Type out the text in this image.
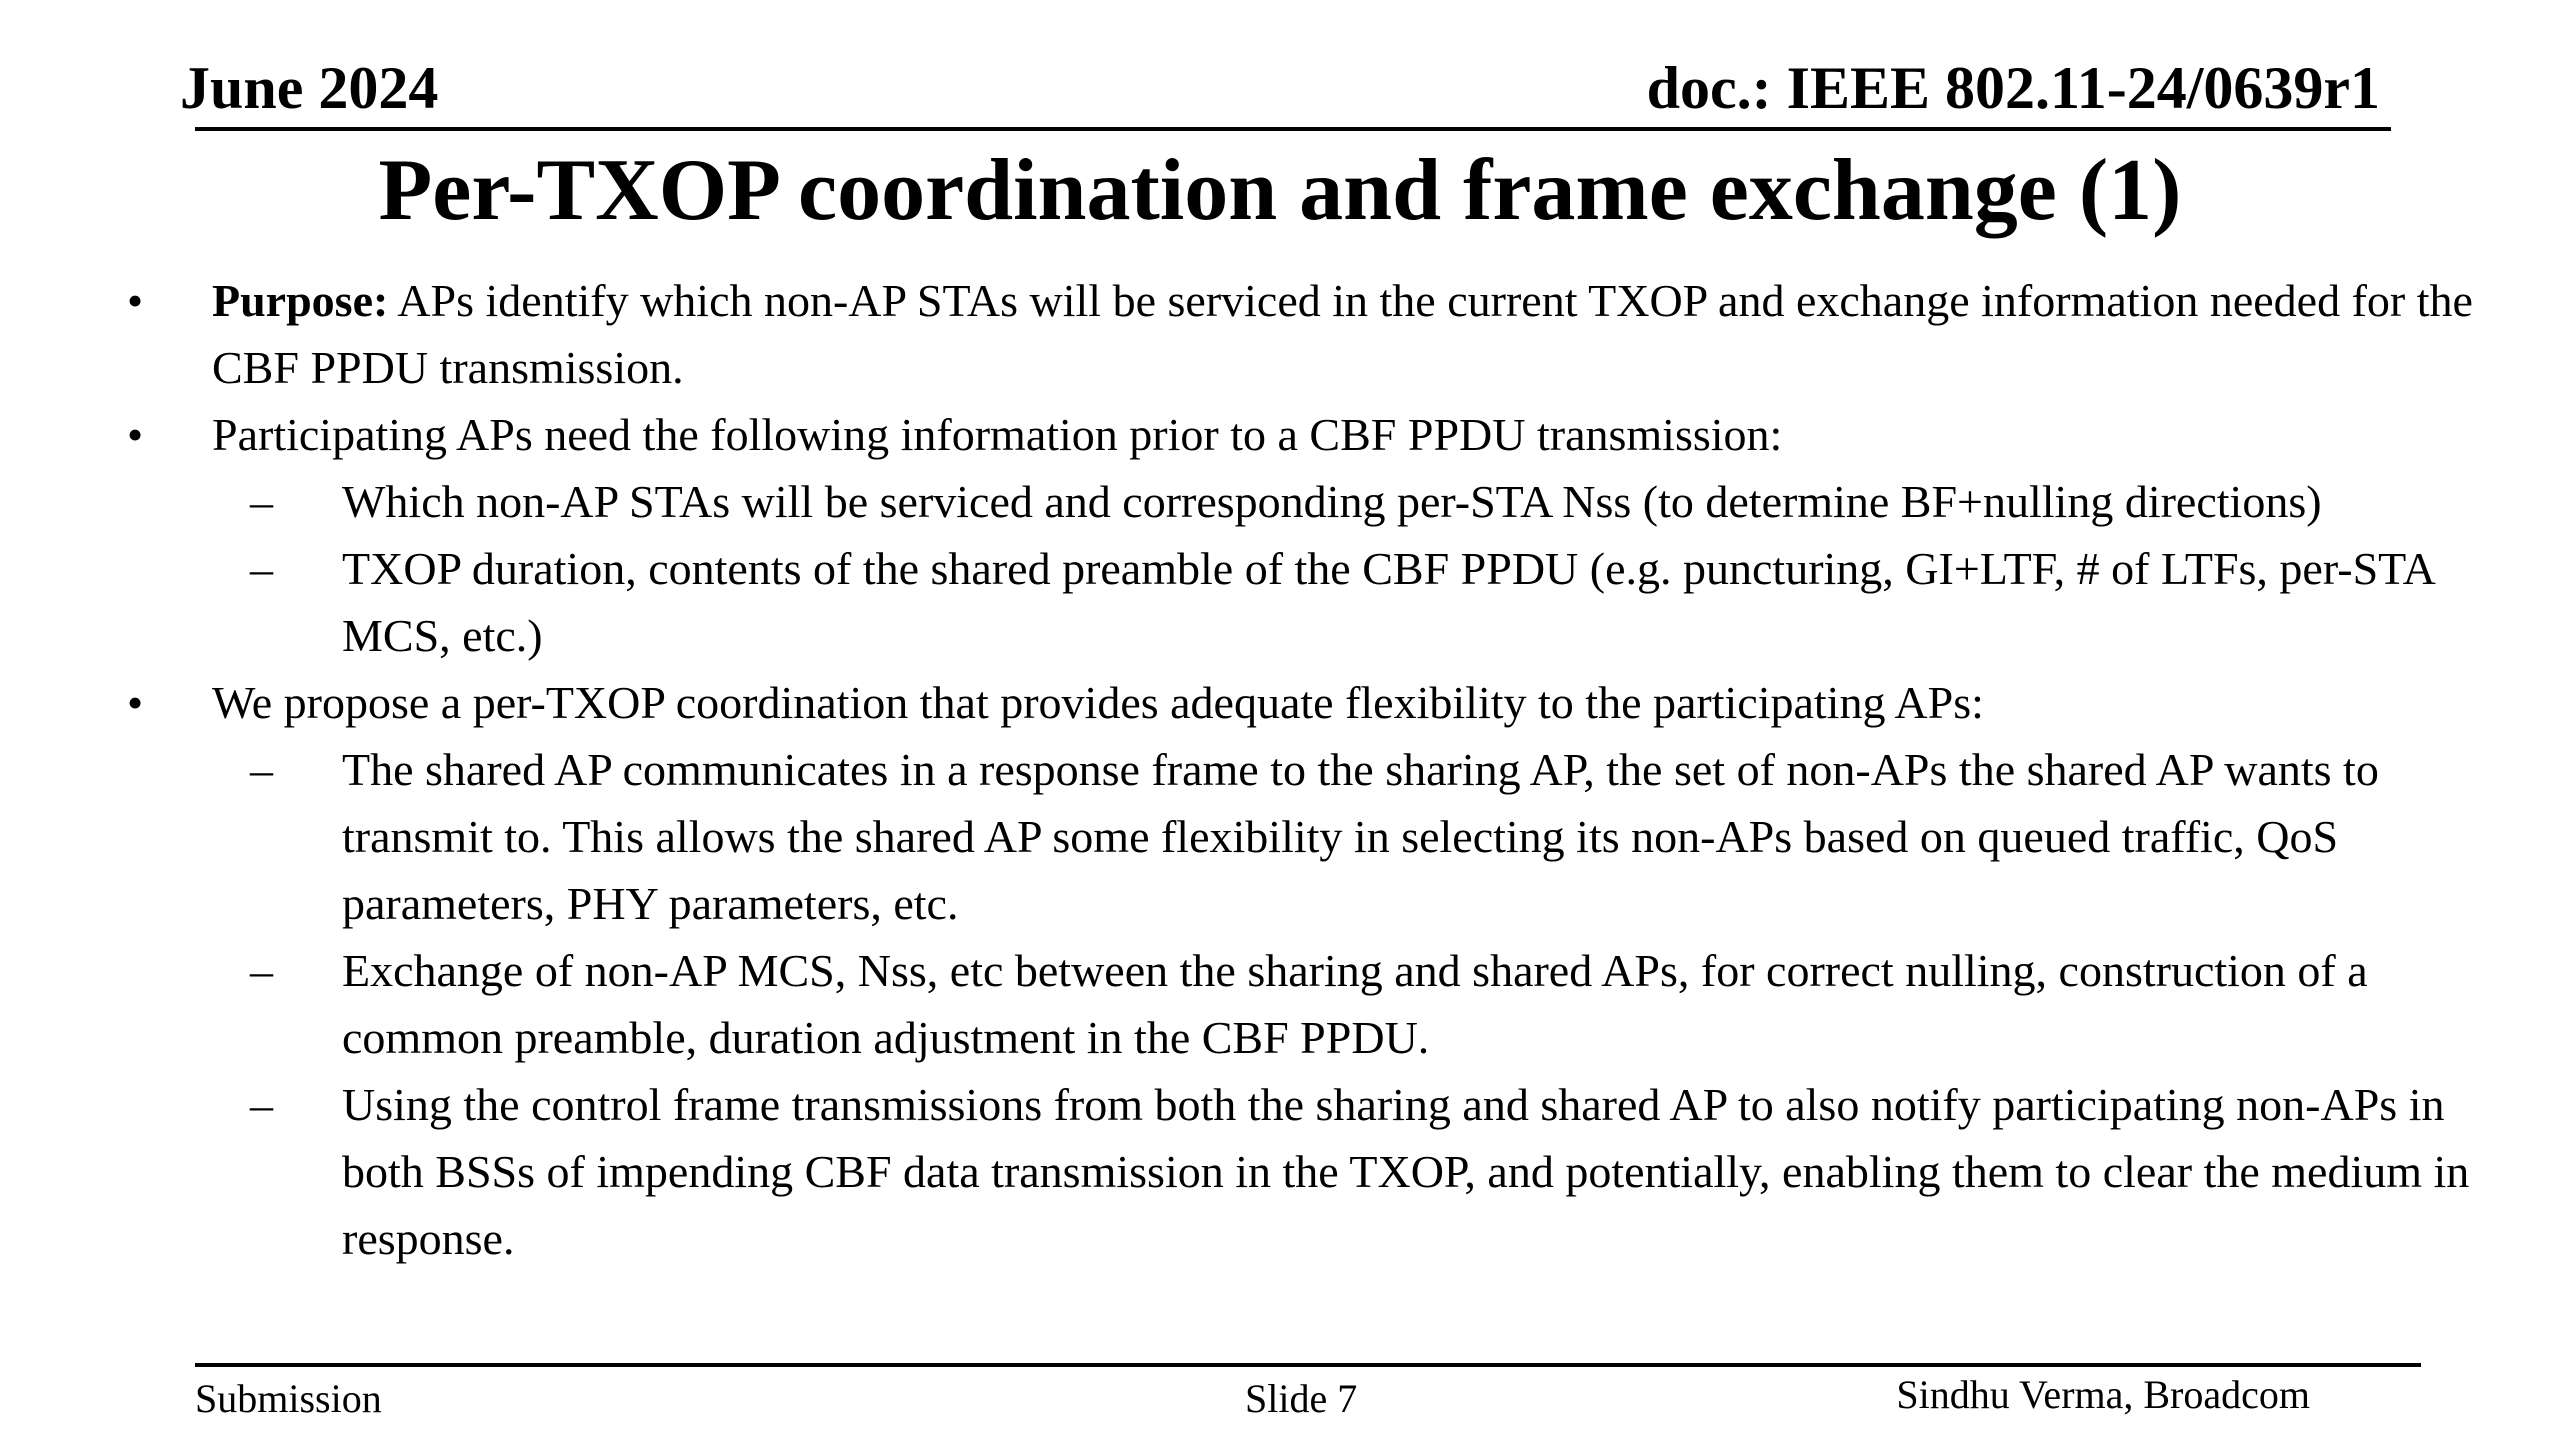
June 2024	doc.: IEEE 802.11-24/0639r1
Per-TXOP coordination and frame exchange (1)
• Purpose: APs identify which non-AP STAs will be serviced in the current TXOP and exchange information needed for the CBF PPDU transmission.
• Participating APs need the following information prior to a CBF PPDU transmission:
– Which non-AP STAs will be serviced and corresponding per-STA Nss (to determine BF+nulling directions)
– TXOP duration, contents of the shared preamble of the CBF PPDU (e.g. puncturing, GI+LTF, # of LTFs, per-STA MCS, etc.)
• We propose a per-TXOP coordination that provides adequate flexibility to the participating APs:
– The shared AP communicates in a response frame to the sharing AP, the set of non-APs the shared AP wants to transmit to. This allows the shared AP some flexibility in selecting its non-APs based on queued traffic, QoS parameters, PHY parameters, etc.
– Exchange of non-AP MCS, Nss, etc between the sharing and shared APs, for correct nulling, construction of a common preamble, duration adjustment in the CBF PPDU.
– Using the control frame transmissions from both the sharing and shared AP to also notify participating non-APs in both BSSs of impending CBF data transmission in the TXOP, and potentially, enabling them to clear the medium in response.
Submission	Slide 7	Sindhu Verma, Broadcom
